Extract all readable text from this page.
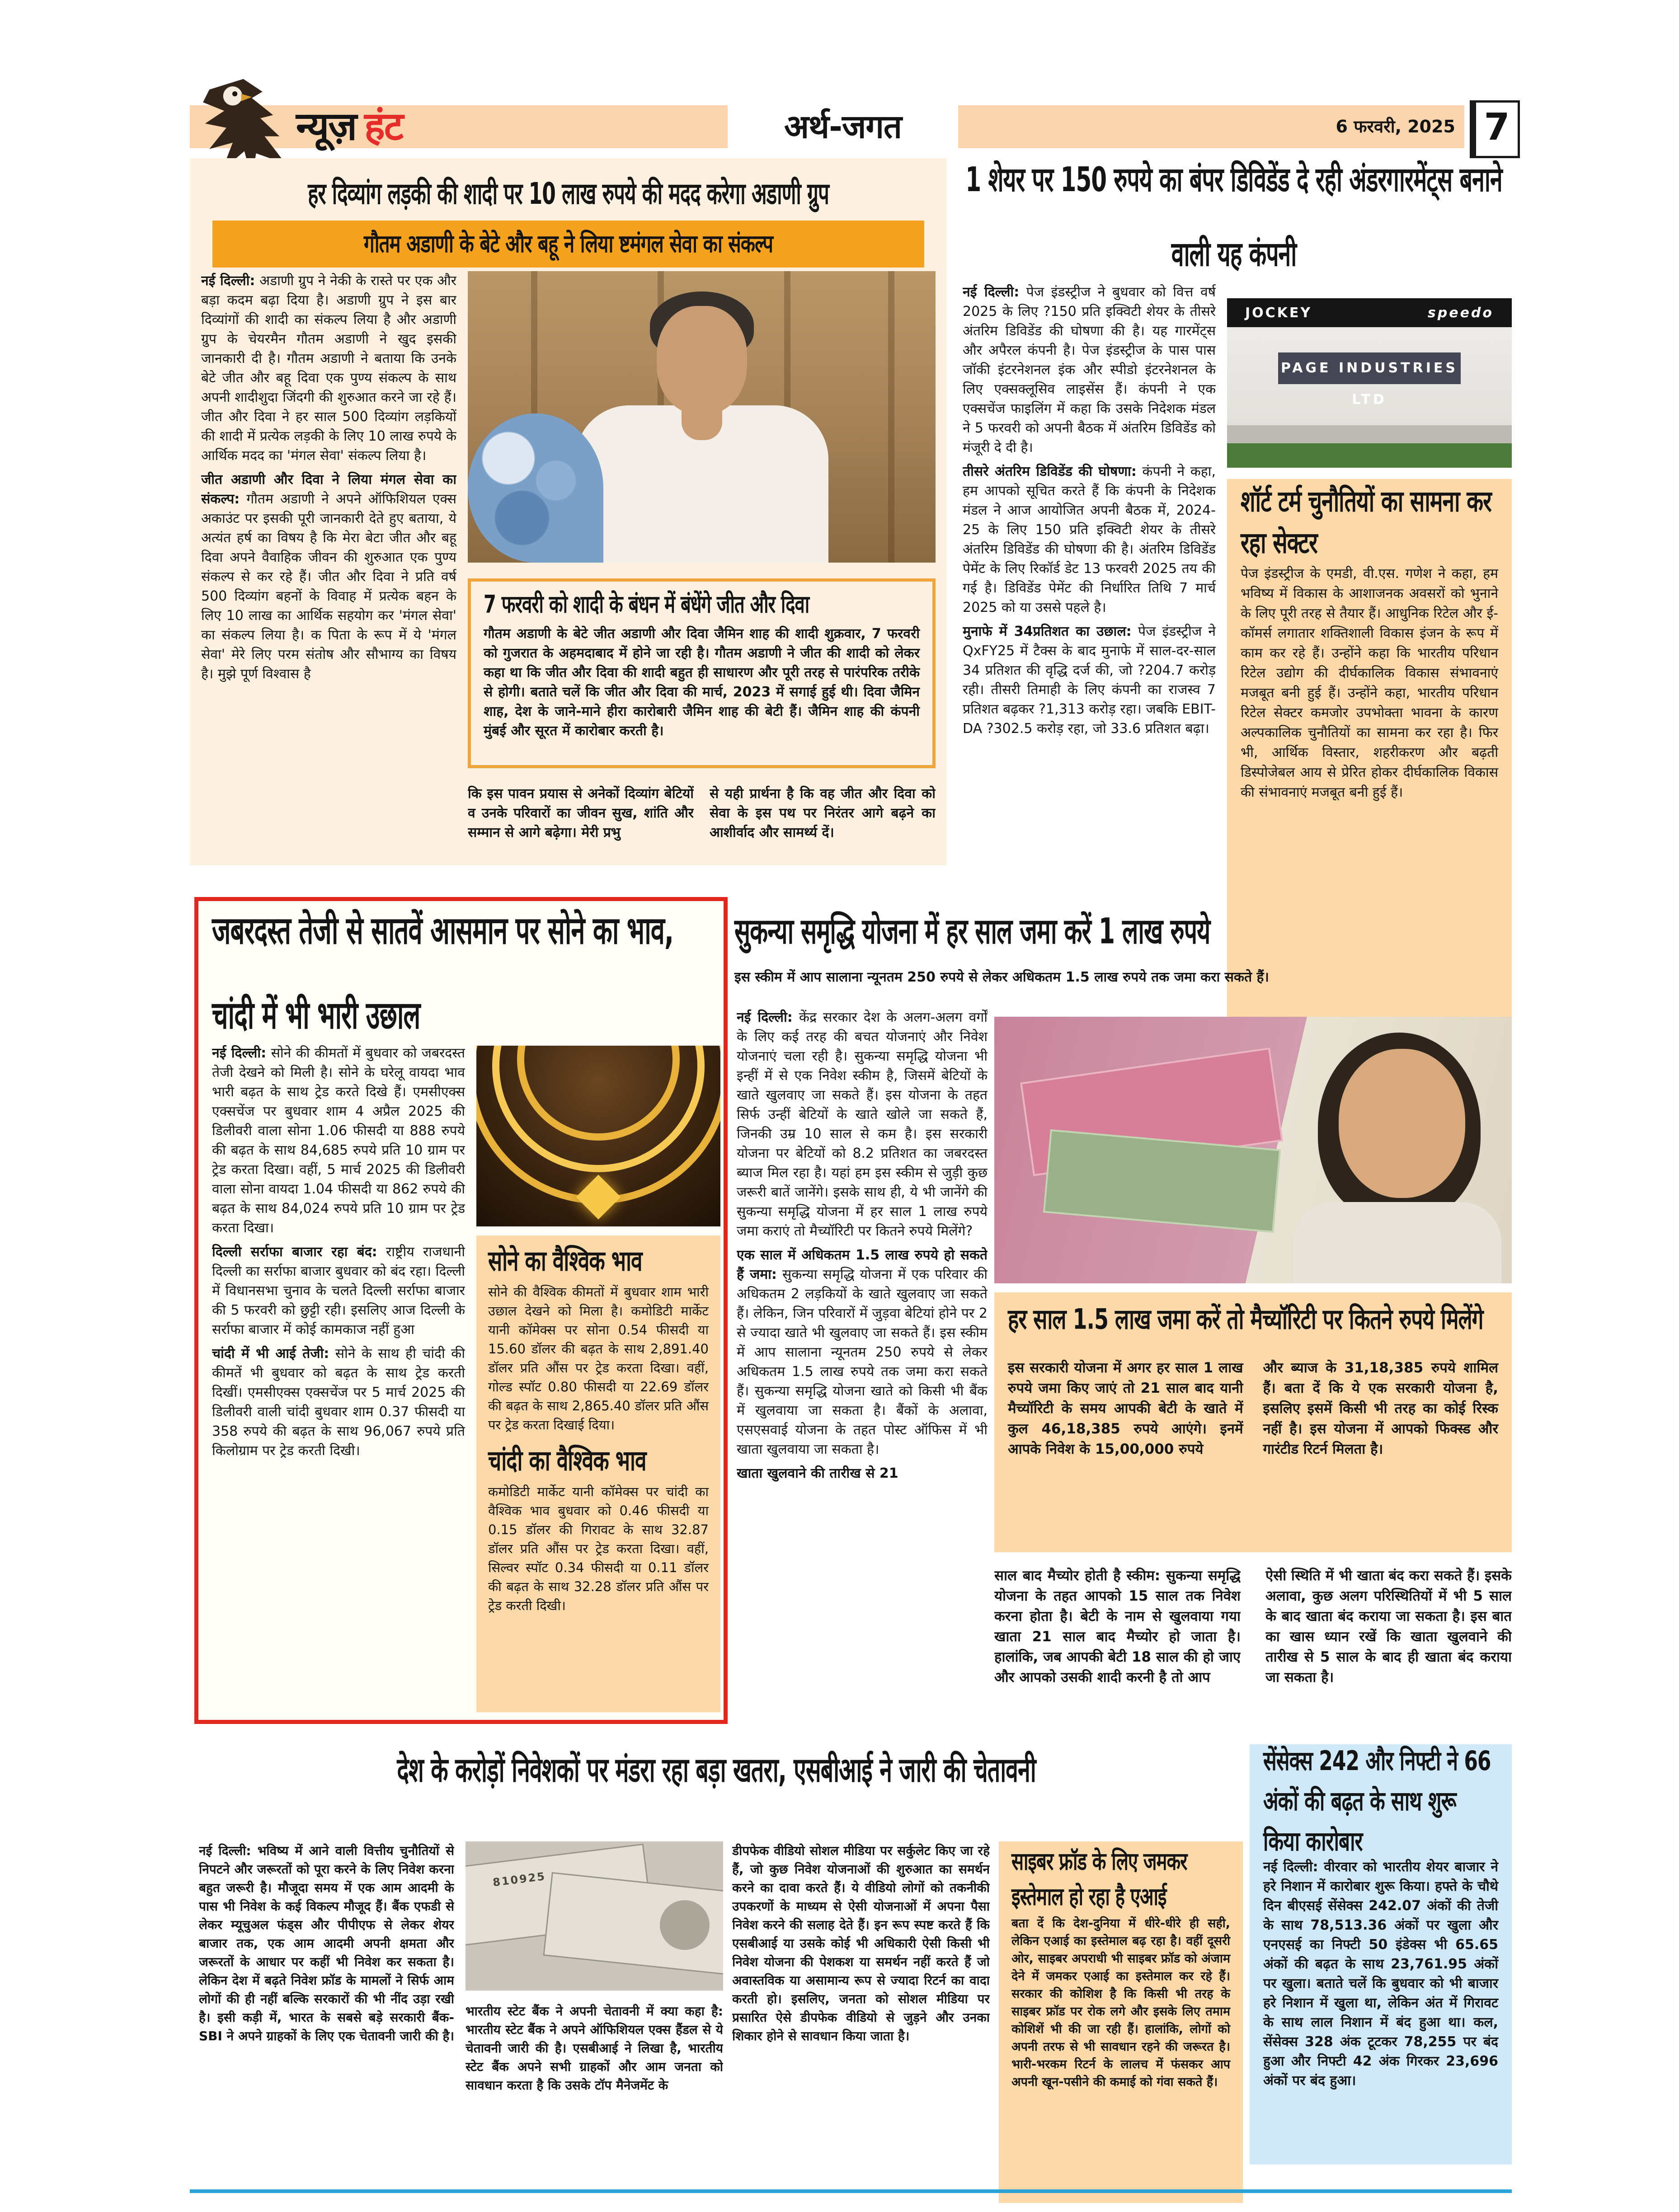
न्यूज़ हंट	अर्थ-जगत	6 फरवरी, 2025 7
हर दिव्यांग लड़की की शादी पर 10 लाख रुपये की मदद करेगा अडाणी ग्रुप
गौतम अडाणी के बेटे और बहू ने लिया ष्टमंगल सेवा का संकल्प

नई दिल्ली: अडाणी ग्रुप ने नेकी के रास्ते पर एक और बड़ा कदम बढ़ा दिया है। अडाणी ग्रुप ने इस बार दिव्यांगों की शादी का संकल्प लिया है और अडाणी ग्रुप के चेयरमैन गौतम अडाणी ने खुद इसकी जानकारी दी है। गौतम अडाणी ने बताया कि उनके बेटे जीत और बहू दिवा एक पुण्य संकल्प के साथ अपनी शादीशुदा जिंदगी की शुरुआत करने जा रहे हैं। जीत और दिवा ने हर साल 500 दिव्यांग लड़कियों की शादी में प्रत्येक लड़की के लिए 10 लाख रुपये के आर्थिक मदद का 'मंगल सेवा' संकल्प लिया है।

जीत अडाणी और दिवा ने लिया मंगल सेवा का संकल्प: गौतम अडाणी ने अपने ऑफिशियल एक्स अकाउंट पर इसकी पूरी जानकारी देते हुए बताया, ये अत्यंत हर्ष का विषय है कि मेरा बेटा जीत और बहू दिवा अपने वैवाहिक जीवन की शुरुआत एक पुण्य संकल्प से कर रहे हैं। जीत और दिवा ने प्रति वर्ष 500 दिव्यांग बहनों के विवाह में प्रत्येक बहन के लिए 10 लाख का आर्थिक सहयोग कर 'मंगल सेवा' का संकल्प लिया है। क पिता के रूप में ये 'मंगल सेवा' मेरे लिए परम संतोष और सौभाग्य का विषय है। मुझे पूर्ण विश्वास है

7 फरवरी को शादी के बंधन में बंधेंगे जीत और दिवा

गौतम अडाणी के बेटे जीत अडाणी और दिवा जैमिन शाह की शादी शुक्रवार, 7 फरवरी को गुजरात के अहमदाबाद में होने जा रही है। गौतम अडाणी ने जीत की शादी को लेकर कहा था कि जीत और दिवा की शादी बहुत ही साधारण और पूरी तरह से पारंपरिक तरीके से होगी। बताते चलें कि जीत और दिवा की मार्च, 2023 में सगाई हुई थी। दिवा जैमिन शाह, देश के जाने-माने हीरा कारोबारी जैमिन शाह की बेटी हैं। जैमिन शाह की कंपनी मुंबई और सूरत में कारोबार करती है।

कि इस पावन प्रयास से अनेकों दिव्यांग बेटियों व उनके परिवारों का जीवन सुख, शांति और सम्मान से आगे बढ़ेगा। मेरी प्रभु
से यही प्रार्थना है कि वह जीत और दिवा को सेवा के इस पथ पर निरंतर आगे बढ़ने का आशीर्वाद और सामर्थ्य दें।
1 शेयर पर 150 रुपये का बंपर डिविडेंड दे रही अंडरगारमेंट्स बनाने वाली यह कंपनी

नई दिल्ली: पेज इंडस्ट्रीज ने बुधवार को वित्त वर्ष 2025 के लिए ?150 प्रति इक्विटी शेयर के तीसरे अंतरिम डिविडेंड की घोषणा की है। यह गारमेंट्स और अपैरल कंपनी है। पेज इंडस्ट्रीज के पास पास जॉकी इंटरनेशनल इंक और स्पीडो इंटरनेशनल के लिए एक्सक्लूसिव लाइसेंस हैं। कंपनी ने एक एक्सचेंज फाइलिंग में कहा कि उसके निदेशक मंडल ने 5 फरवरी को अपनी बैठक में अंतरिम डिविडेंड को मंजूरी दे दी है।

तीसरे अंतरिम डिविडेंड की घोषणा: कंपनी ने कहा, हम आपको सूचित करते हैं कि कंपनी के निदेशक मंडल ने आज आयोजित अपनी बैठक में, 2024-25 के लिए 150 प्रति इक्विटी शेयर के तीसरे अंतरिम डिविडेंड की घोषणा की है। अंतरिम डिविडेंड पेमेंट के लिए रिकॉर्ड डेट 13 फरवरी 2025 तय की गई है। डिविडेंड पेमेंट की निर्धारित तिथि 7 मार्च 2025 को या उससे पहले है।

मुनाफे में 34प्रतिशत का उछाल: पेज इंडस्ट्रीज ने QxFY25 में टैक्स के बाद मुनाफे में साल-दर-साल 34 प्रतिशत की वृद्धि दर्ज की, जो ?204.7 करोड़ रही। तीसरी तिमाही के लिए कंपनी का राजस्व 7 प्रतिशत बढ़कर ?1,313 करोड़ रहा। जबकि EBIT-DA ?302.5 करोड़ रहा, जो 33.6 प्रतिशत बढ़ा।

JOCKEY	speedo
PAGE INDUSTRIES LTD
शॉर्ट टर्म चुनौतियों का सामना कर रहा सेक्टर

पेज इंडस्ट्रीज के एमडी, वी.एस. गणेश ने कहा, हम भविष्य में विकास के आशाजनक अवसरों को भुनाने के लिए पूरी तरह से तैयार हैं। आधुनिक रिटेल और ई-कॉमर्स लगातार शक्तिशाली विकास इंजन के रूप में काम कर रहे हैं। उन्होंने कहा कि भारतीय परिधान रिटेल उद्योग की दीर्घकालिक विकास संभावनाएं मजबूत बनी हुई हैं। उन्होंने कहा, भारतीय परिधान रिटेल सेक्टर कमजोर उपभोक्ता भावना के कारण अल्पकालिक चुनौतियों का सामना कर रहा है। फिर भी, आर्थिक विस्तार, शहरीकरण और बढ़ती डिस्पोजेबल आय से प्रेरित होकर दीर्घकालिक विकास की संभावनाएं मजबूत बनी हुई हैं।

जबरदस्त तेजी से सातवें आसमान पर सोने का भाव, चांदी में भी भारी उछाल

नई दिल्ली: सोने की कीमतों में बुधवार को जबरदस्त तेजी देखने को मिली है। सोने के घरेलू वायदा भाव भारी बढ़त के साथ ट्रेड करते दिखे हैं। एमसीएक्स एक्सचेंज पर बुधवार शाम 4 अप्रैल 2025 की डिलीवरी वाला सोना 1.06 फीसदी या 888 रुपये की बढ़त के साथ 84,685 रुपये प्रति 10 ग्राम पर ट्रेड करता दिखा। वहीं, 5 मार्च 2025 की डिलीवरी वाला सोना वायदा 1.04 फीसदी या 862 रुपये की बढ़त के साथ 84,024 रुपये प्रति 10 ग्राम पर ट्रेड करता दिखा।

दिल्ली सर्राफा बाजार रहा बंद: राष्ट्रीय राजधानी दिल्ली का सर्राफा बाजार बुधवार को बंद रहा। दिल्ली में विधानसभा चुनाव के चलते दिल्ली सर्राफा बाजार की 5 फरवरी को छुट्टी रही। इसलिए आज दिल्ली के सर्राफा बाजार में कोई कामकाज नहीं हुआ

चांदी में भी आई तेजी: सोने के साथ ही चांदी की कीमतें भी बुधवार को बढ़त के साथ ट्रेड करती दिखीं। एमसीएक्स एक्सचेंज पर 5 मार्च 2025 की डिलीवरी वाली चांदी बुधवार शाम 0.37 फीसदी या 358 रुपये की बढ़त के साथ 96,067 रुपये प्रति किलोग्राम पर ट्रेड करती दिखी।

सोने का वैश्विक भाव

सोने की वैश्विक कीमतों में बुधवार शाम भारी उछाल देखने को मिला है। कमोडिटी मार्केट यानी कॉमेक्स पर सोना 0.54 फीसदी या 15.60 डॉलर की बढ़त के साथ 2,891.40 डॉलर प्रति औंस पर ट्रेड करता दिखा। वहीं, गोल्ड स्पॉट 0.80 फीसदी या 22.69 डॉलर की बढ़त के साथ 2,865.40 डॉलर प्रति औंस पर ट्रेड करता दिखाई दिया।

चांदी का वैश्विक भाव

कमोडिटी मार्केट यानी कॉमेक्स पर चांदी का वैश्विक भाव बुधवार को 0.46 फीसदी या 0.15 डॉलर की गिरावट के साथ 32.87 डॉलर प्रति औंस पर ट्रेड करता दिखा। वहीं, सिल्वर स्पॉट 0.34 फीसदी या 0.11 डॉलर की बढ़त के साथ 32.28 डॉलर प्रति औंस पर ट्रेड करती दिखी।

सुकन्या समृद्धि योजना में हर साल जमा करें 1 लाख रुपये
इस स्कीम में आप सालाना न्यूनतम 250 रुपये से लेकर अधिकतम 1.5 लाख रुपये तक जमा करा सकते हैं।

नई दिल्ली: केंद्र सरकार देश के अलग-अलग वर्गों के लिए कई तरह की बचत योजनाएं और निवेश योजनाएं चला रही है। सुकन्या समृद्धि योजना भी इन्हीं में से एक निवेश स्कीम है, जिसमें बेटियों के खाते खुलवाए जा सकते हैं। इस योजना के तहत सिर्फ उन्हीं बेटियों के खाते खोले जा सकते हैं, जिनकी उम्र 10 साल से कम है। इस सरकारी योजना पर बेटियों को 8.2 प्रतिशत का जबरदस्त ब्याज मिल रहा है। यहां हम इस स्कीम से जुड़ी कुछ जरूरी बातें जानेंगे। इसके साथ ही, ये भी जानेंगे की सुकन्या समृद्धि योजना में हर साल 1 लाख रुपये जमा कराएं तो मैच्यॉरिटी पर कितने रुपये मिलेंगे?

एक साल में अधिकतम 1.5 लाख रुपये हो सकते हैं जमा: सुकन्या समृद्धि योजना में एक परिवार की अधिकतम 2 लड़कियों के खाते खुलवाए जा सकते हैं। लेकिन, जिन परिवारों में जुड़वा बेटियां होने पर 2 से ज्यादा खाते भी खुलवाए जा सकते हैं। इस स्कीम में आप सालाना न्यूनतम 250 रुपये से लेकर अधिकतम 1.5 लाख रुपये तक जमा करा सकते हैं। सुकन्या समृद्धि योजना खाते को किसी भी बैंक में खुलवाया जा सकता है। बैंकों के अलावा, एसएसवाई योजना के तहत पोस्ट ऑफिस में भी खाता खुलवाया जा सकता है।

खाता खुलवाने की तारीख से 21

हर साल 1.5 लाख जमा करें तो मैच्यॉरिटी पर कितने रुपये मिलेंगे

इस सरकारी योजना में अगर हर साल 1 लाख रुपये जमा किए जाएं तो 21 साल बाद यानी मैच्यॉरिटी के समय आपकी बेटी के खाते में कुल 46,18,385 रुपये आएंगे। इनमें आपके निवेश के 15,00,000 रुपये

और ब्याज के 31,18,385 रुपये शामिल हैं। बता दें कि ये एक सरकारी योजना है, इसलिए इसमें किसी भी तरह का कोई रिस्क नहीं है। इस योजना में आपको फिक्स्ड और गारंटीड रिटर्न मिलता है।

साल बाद मैच्योर होती है स्कीम: सुकन्या समृद्धि योजना के तहत आपको 15 साल तक निवेश करना होता है। बेटी के नाम से खुलवाया गया खाता 21 साल बाद मैच्योर हो जाता है। हालांकि, जब आपकी बेटी 18 साल की हो जाए और आपको उसकी शादी करनी है तो आप
ऐसी स्थिति में भी खाता बंद करा सकते हैं। इसके अलावा, कुछ अलग परिस्थितियों में भी 5 साल के बाद खाता बंद कराया जा सकता है। इस बात का खास ध्यान रखें कि खाता खुलवाने की तारीख से 5 साल के बाद ही खाता बंद कराया जा सकता है।
देश के करोड़ों निवेशकों पर मंडरा रहा बड़ा खतरा, एसबीआई ने जारी की चेतावनी
नई दिल्ली: भविष्य में आने वाली वित्तीय चुनौतियों से निपटने और जरूरतों को पूरा करने के लिए निवेश करना बहुत जरूरी है। मौजूदा समय में एक आम आदमी के पास भी निवेश के कई विकल्प मौजूद हैं। बैंक एफडी से लेकर म्यूचुअल फंड्स और पीपीएफ से लेकर शेयर बाजार तक, एक आम आदमी अपनी क्षमता और जरूरतों के आधार पर कहीं भी निवेश कर सकता है। लेकिन देश में बढ़ते निवेश फ्रॉड के मामलों ने सिर्फ आम लोगों की ही नहीं बल्कि सरकारों की भी नींद उड़ा रखी है। इसी कड़ी में, भारत के सबसे बड़े सरकारी बैंक- SBI ने अपने ग्राहकों के लिए एक चेतावनी जारी की है।
810925
भारतीय स्टेट बैंक ने अपनी चेतावनी में क्या कहा है: भारतीय स्टेट बैंक ने अपने ऑफिशियल एक्स हैंडल से ये चेतावनी जारी की है। एसबीआई ने लिखा है, भारतीय स्टेट बैंक अपने सभी ग्राहकों और आम जनता को सावधान करता है कि उसके टॉप मैनेजमेंट के
डीपफेक वीडियो सोशल मीडिया पर सर्कुलेट किए जा रहे हैं, जो कुछ निवेश योजनाओं की शुरुआत का समर्थन करने का दावा करते हैं। ये वीडियो लोगों को तकनीकी उपकरणों के माध्यम से ऐसी योजनाओं में अपना पैसा निवेश करने की सलाह देते हैं। इन रूप स्पष्ट करते हैं कि एसबीआई या उसके कोई भी अधिकारी ऐसी किसी भी निवेश योजना की पेशकश या समर्थन नहीं करते हैं जो अवास्तविक या असामान्य रूप से ज्यादा रिटर्न का वादा करती हो। इसलिए, जनता को सोशल मीडिया पर प्रसारित ऐसे डीपफेक वीडियो से जुड़ने और उनका शिकार होने से सावधान किया जाता है।
साइबर फ्रॉड के लिए जमकर इस्तेमाल हो रहा है एआई

बता दें कि देश-दुनिया में धीरे-धीरे ही सही, लेकिन एआई का इस्तेमाल बढ़ रहा है। वहीं दूसरी ओर, साइबर अपराधी भी साइबर फ्रॉड को अंजाम देने में जमकर एआई का इस्तेमाल कर रहे हैं। सरकार की कोशिश है कि किसी भी तरह के साइबर फ्रॉड पर रोक लगे और इसके लिए तमाम कोशिशें भी की जा रही हैं। हालांकि, लोगों को अपनी तरफ से भी सावधान रहने की जरूरत है। भारी-भरकम रिटर्न के लालच में फंसकर आप अपनी खून-पसीने की कमाई को गंवा सकते हैं।

सेंसेक्स 242 और निफ्टी ने 66 अंकों की बढ़त के साथ शुरू किया कारोबार

नई दिल्ली: वीरवार को भारतीय शेयर बाजार ने हरे निशान में कारोबार शुरू किया। हफ्ते के चौथे दिन बीएसई सेंसेक्स 242.07 अंकों की तेजी के साथ 78,513.36 अंकों पर खुला और एनएसई का निफ्टी 50 इंडेक्स भी 65.65 अंकों की बढ़त के साथ 23,761.95 अंकों पर खुला। बताते चलें कि बुधवार को भी बाजार हरे निशान में खुला था, लेकिन अंत में गिरावट के साथ लाल निशान में बंद हुआ था। कल, सेंसेक्स 328 अंक टूटकर 78,255 पर बंद हुआ और निफ्टी 42 अंक गिरकर 23,696 अंकों पर बंद हुआ।
